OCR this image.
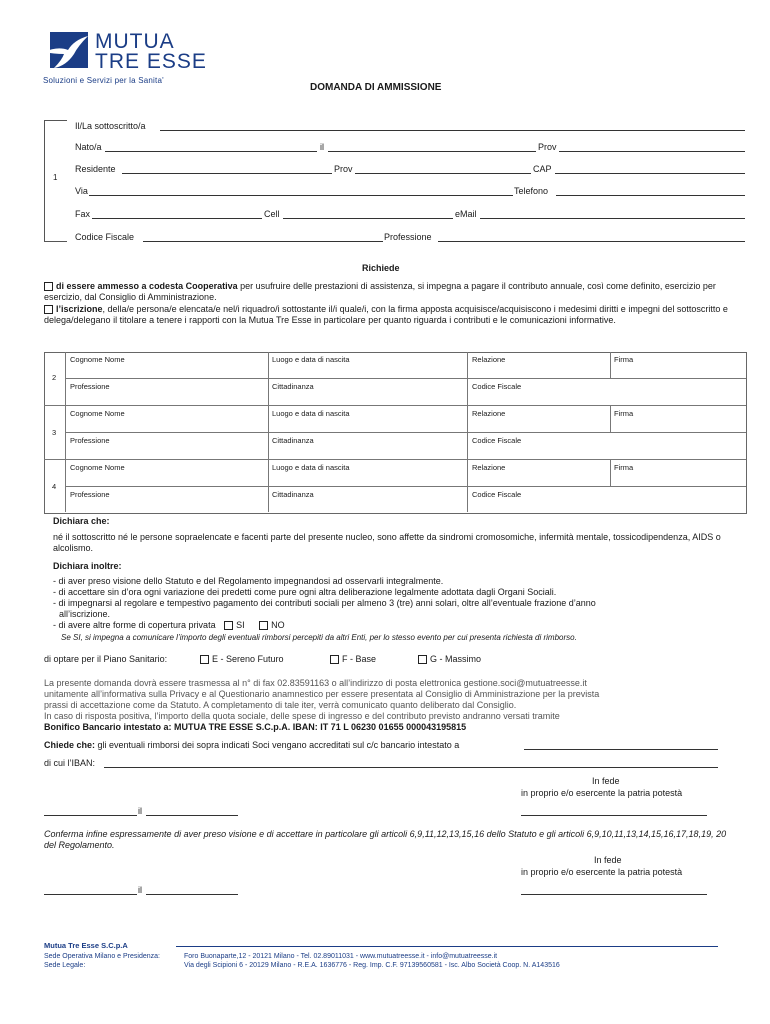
MUTUA
TRE ESSE
Soluzioni e Servizi per la Sanita'
DOMANDA DI AMMISSIONE
1
Il/La sottoscritto/a
Nato/a	il	Prov
Residente	Prov	CAP
Via	Telefono
Fax	Cell	eMail
Codice Fiscale	Professione
Richiede
di essere ammesso a codesta Cooperativa per usufruire delle prestazioni di assistenza, si impegna a pagare il contributo annuale, così come definito, esercizio per esercizio, dal Consiglio di Amministrazione.
l’iscrizione, della/e persona/e elencata/e nel/i riquadro/i sottostante il/i quale/i, con la firma apposta acquisisce/acquisiscono i medesimi diritti e impegni del sottoscritto e delega/delegano il titolare a tenere i rapporti con la Mutua Tre Esse in particolare per quanto riguarda i contributi e le comunicazioni informative.
2
Cognome Nome	Luogo e data di nascita	Relazione	Firma
Professione	Cittadinanza	Codice Fiscale
3
Cognome Nome	Luogo e data di nascita	Relazione	Firma
Professione	Cittadinanza	Codice Fiscale
4
Cognome Nome	Luogo e data di nascita	Relazione	Firma
Professione	Cittadinanza	Codice Fiscale
Dichiara che:
né il sottoscritto né le persone sopraelencate e facenti parte del presente nucleo, sono affette da sindromi cromosomiche, infermità mentale, tossicodipendenza, AIDS o alcolismo.
Dichiara inoltre:
- di aver preso visione dello Statuto e del Regolamento impegnandosi ad osservarli integralmente.
- di accettare sin d’ora ogni variazione dei predetti come pure ogni altra deliberazione legalmente adottata dagli Organi Sociali.
- di impegnarsi al regolare e tempestivo pagamento dei contributi sociali per almeno 3 (tre) anni solari, oltre all’eventuale frazione d’anno
all’iscrizione.
- di avere altre forme di copertura privata SI	NO
Se SI, si impegna a comunicare l’importo degli eventuali rimborsi percepiti da altri Enti, per lo stesso evento per cui presenta richiesta di rimborso.
di optare per il Piano Sanitario:	E - Sereno Futuro	F - Base	G - Massimo
La presente domanda dovrà essere trasmessa al n° di fax 02.83591163 o all’indirizzo di posta elettronica gestione.soci@mutuatreesse.it
unitamente all’informativa sulla Privacy e al Questionario anamnestico per essere presentata al Consiglio di Amministrazione per la prevista
prassi di accettazione come da Statuto. A completamento di tale iter, verrà comunicato quanto deliberato dal Consiglio.
In caso di risposta positiva, l’importo della quota sociale, delle spese di ingresso e del contributo previsto andranno versati tramite
Bonifico Bancario intestato a: MUTUA TRE ESSE S.C.p.A. IBAN: IT 71 L 06230 01655 000043195815
Chiede che: gli eventuali rimborsi dei sopra indicati Soci vengano accreditati sul c/c bancario intestato a
di cui l’IBAN:
In fede
in proprio e/o esercente la patria potestà
il
Conferma infine espressamente di aver preso visione e di accettare in particolare gli articoli 6,9,11,12,13,15,16 dello Statuto e gli articoli 6,9,10,11,13,14,15,16,17,18,19, 20 del Regolamento.
In fede
in proprio e/o esercente la patria potestà
il
Mutua Tre Esse S.C.p.A
Sede Operativa Milano e Presidenza:
Sede Legale:
Foro Buonaparte,12 - 20121 Milano - Tel. 02.89011031 - www.mutuatreesse.it - info@mutuatreesse.it
Via degli Scipioni 6 - 20129 Milano - R.E.A. 1636776 - Reg. Imp. C.F. 97139560581 - Isc. Albo Società Coop. N. A143516
